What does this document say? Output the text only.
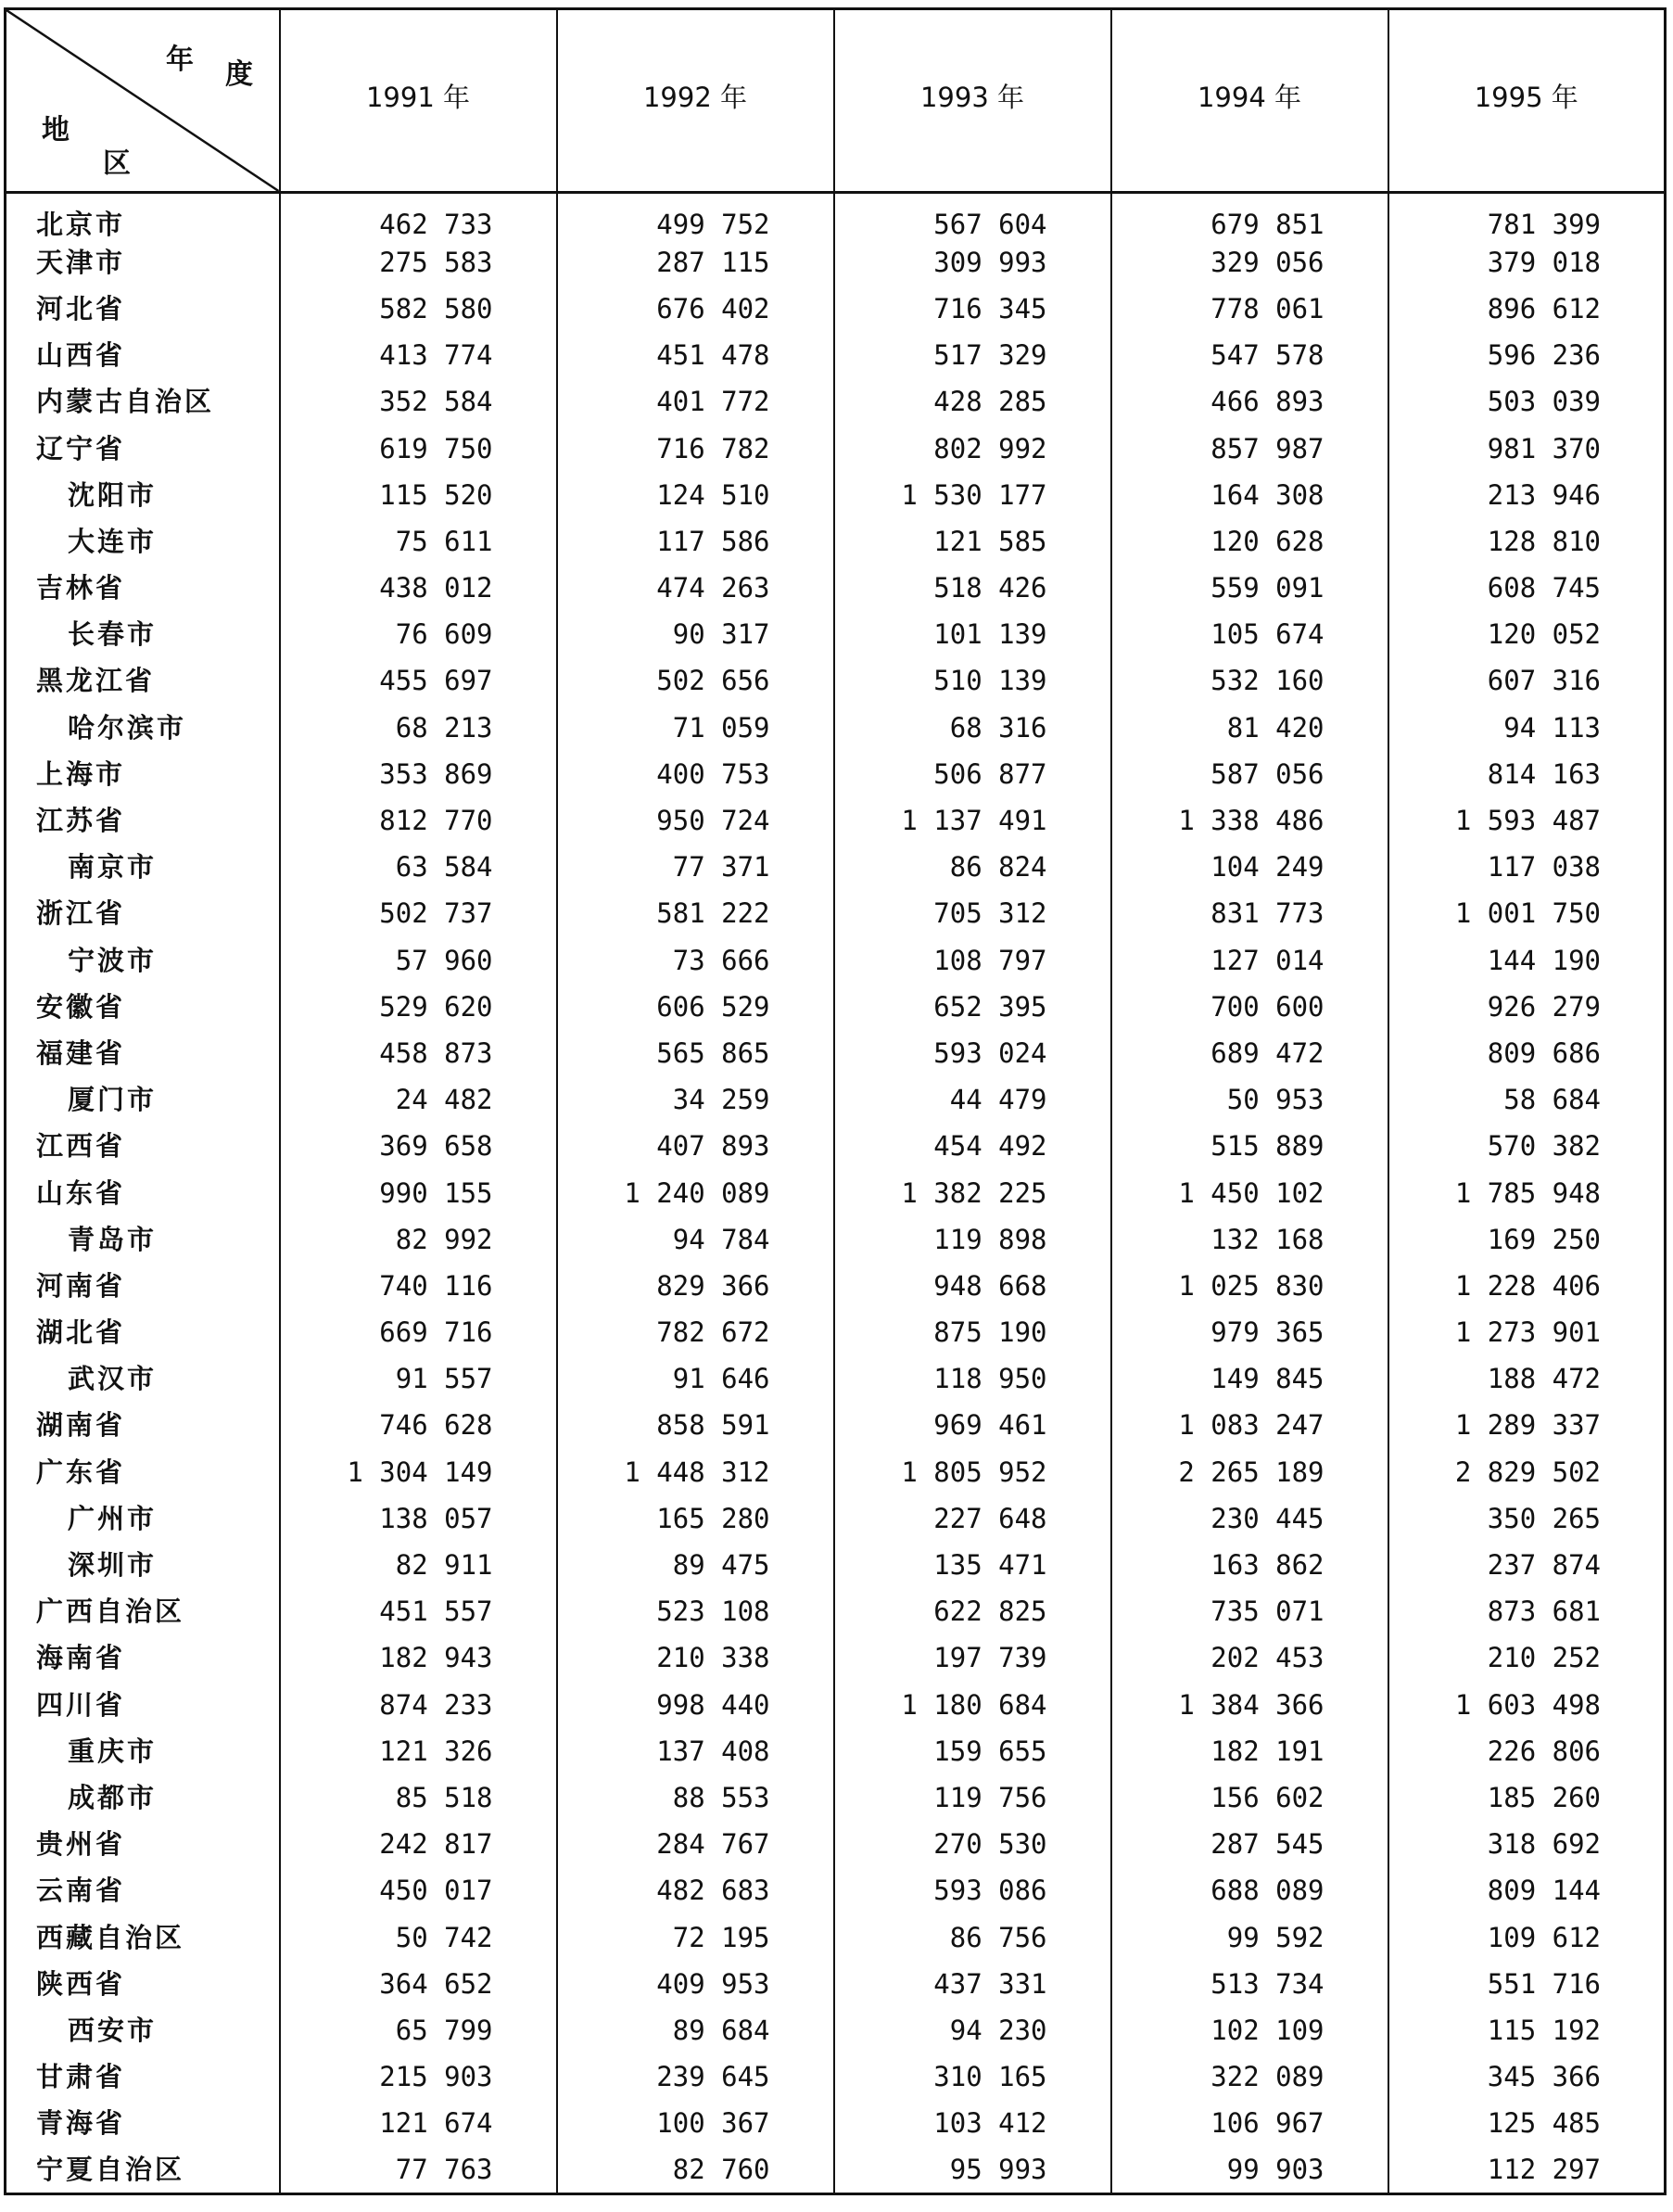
年 度
地
区	1991 年	1992 年	1993 年	1994 年	1995 年
北京市	462 733	499 752	567 604	679 851	781 399
天津市	275 583	287 115	309 993	329 056	379 018
河北省	582 580	676 402	716 345	778 061	896 612
山西省	413 774	451 478	517 329	547 578	596 236
内蒙古自治区	352 584	401 772	428 285	466 893	503 039
辽宁省	619 750	716 782	802 992	857 987	981 370
沈阳市	115 520	124 510	1 530 177	164 308	213 946
大连市	75 611	117 586	121 585	120 628	128 810
吉林省	438 012	474 263	518 426	559 091	608 745
长春市	76 609	90 317	101 139	105 674	120 052
黑龙江省	455 697	502 656	510 139	532 160	607 316
哈尔滨市	68 213	71 059	68 316	81 420	94 113
上海市	353 869	400 753	506 877	587 056	814 163
江苏省	812 770	950 724	1 137 491	1 338 486	1 593 487
南京市	63 584	77 371	86 824	104 249	117 038
浙江省	502 737	581 222	705 312	831 773	1 001 750
宁波市	57 960	73 666	108 797	127 014	144 190
安徽省	529 620	606 529	652 395	700 600	926 279
福建省	458 873	565 865	593 024	689 472	809 686
厦门市	24 482	34 259	44 479	50 953	58 684
江西省	369 658	407 893	454 492	515 889	570 382
山东省	990 155	1 240 089	1 382 225	1 450 102	1 785 948
青岛市	82 992	94 784	119 898	132 168	169 250
河南省	740 116	829 366	948 668	1 025 830	1 228 406
湖北省	669 716	782 672	875 190	979 365	1 273 901
武汉市	91 557	91 646	118 950	149 845	188 472
湖南省	746 628	858 591	969 461	1 083 247	1 289 337
广东省	1 304 149	1 448 312	1 805 952	2 265 189	2 829 502
广州市	138 057	165 280	227 648	230 445	350 265
深圳市	82 911	89 475	135 471	163 862	237 874
广西自治区	451 557	523 108	622 825	735 071	873 681
海南省	182 943	210 338	197 739	202 453	210 252
四川省	874 233	998 440	1 180 684	1 384 366	1 603 498
重庆市	121 326	137 408	159 655	182 191	226 806
成都市	85 518	88 553	119 756	156 602	185 260
贵州省	242 817	284 767	270 530	287 545	318 692
云南省	450 017	482 683	593 086	688 089	809 144
西藏自治区	50 742	72 195	86 756	99 592	109 612
陕西省	364 652	409 953	437 331	513 734	551 716
西安市	65 799	89 684	94 230	102 109	115 192
甘肃省	215 903	239 645	310 165	322 089	345 366
青海省	121 674	100 367	103 412	106 967	125 485
宁夏自治区	77 763	82 760	95 993	99 903	112 297
